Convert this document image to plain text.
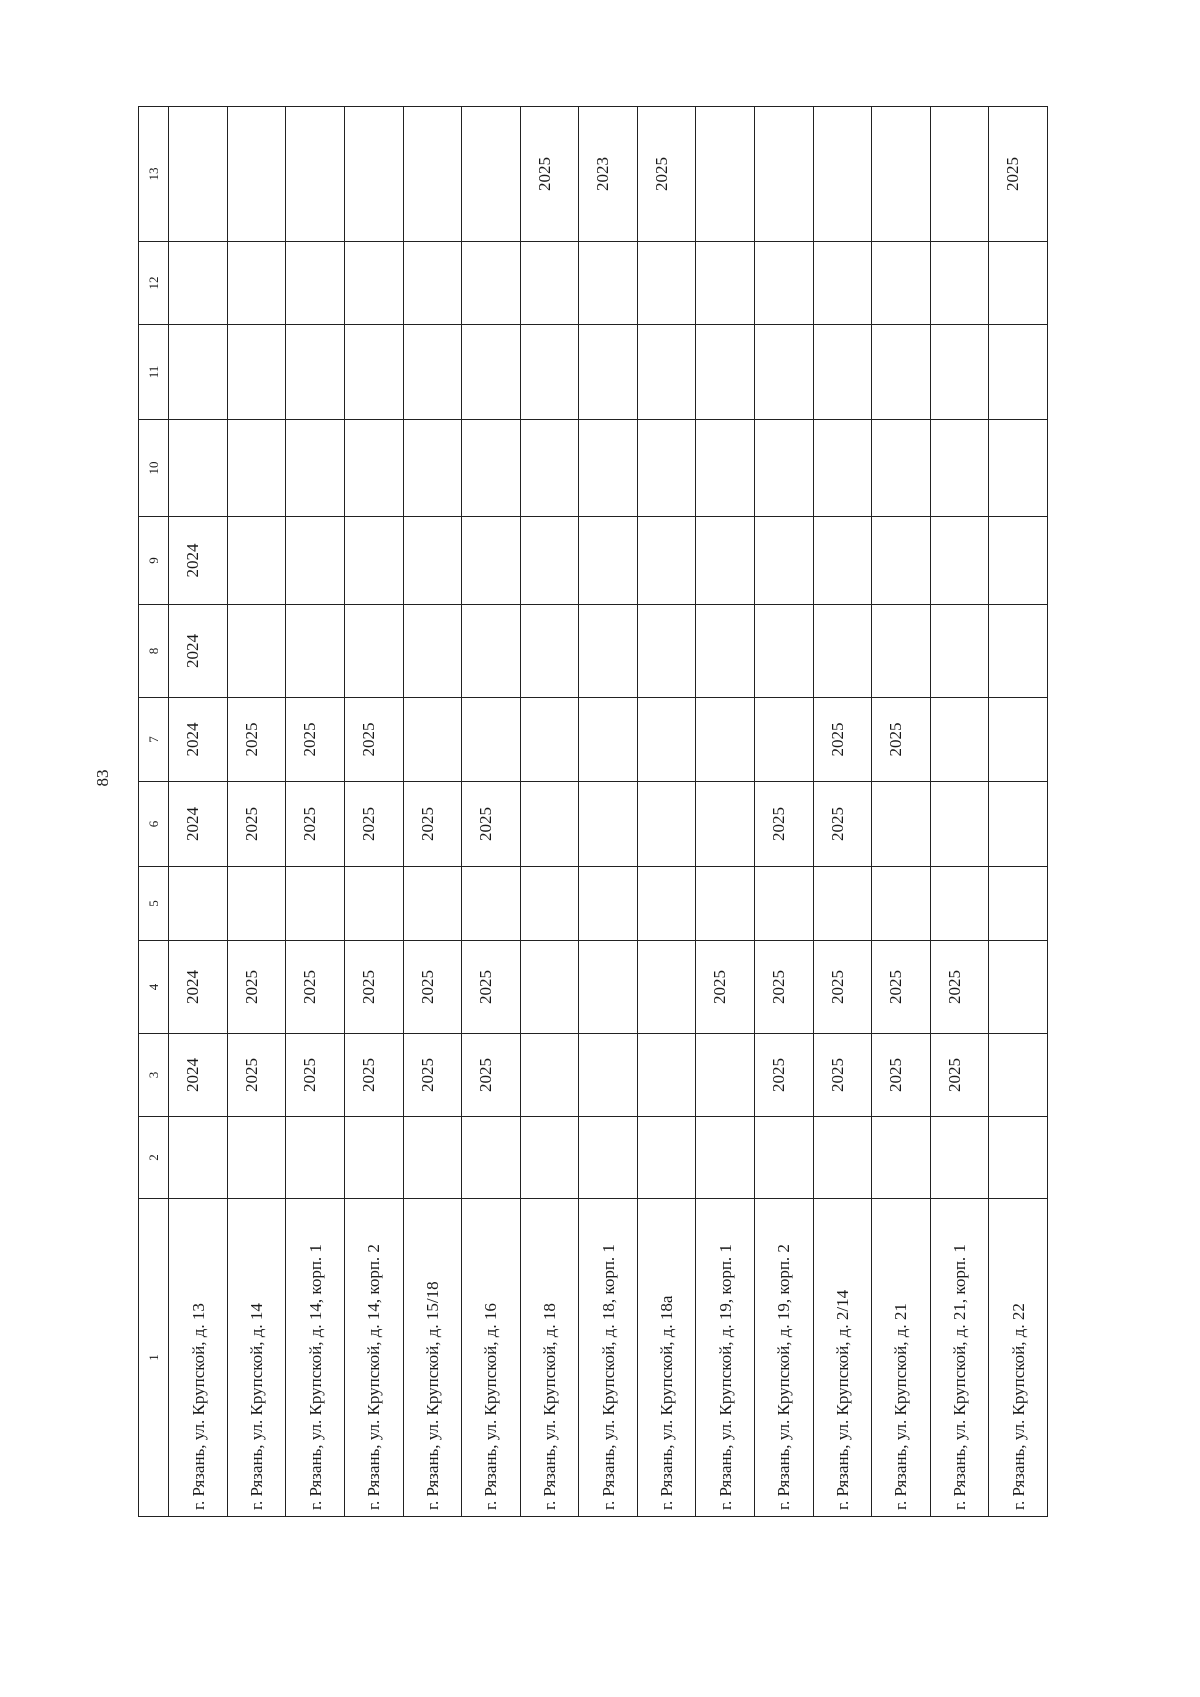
83
1	2	3	4	5	6	7	8	9	10	11	12	13
г. Рязань, ул. Крупской, д. 13		2024	2024		2024	2024	2024	2024				
г. Рязань, ул. Крупской, д. 14		2025	2025		2025	2025						
г. Рязань, ул. Крупской, д. 14, корп. 1		2025	2025		2025	2025						
г. Рязань, ул. Крупской, д. 14, корп. 2		2025	2025		2025	2025						
г. Рязань, ул. Крупской, д. 15/18		2025	2025		2025							
г. Рязань, ул. Крупской, д. 16		2025	2025		2025							
г. Рязань, ул. Крупской, д. 18												2025
г. Рязань, ул. Крупской, д. 18, корп. 1												2023
г. Рязань, ул. Крупской, д. 18а												2025
г. Рязань, ул. Крупской, д. 19, корп. 1			2025									
г. Рязань, ул. Крупской, д. 19, корп. 2		2025	2025		2025							
г. Рязань, ул. Крупской, д. 2/14		2025	2025		2025	2025						
г. Рязань, ул. Крупской, д. 21		2025	2025			2025						
г. Рязань, ул. Крупской, д. 21, корп. 1		2025	2025									
г. Рязань, ул. Крупской, д. 22												2025
